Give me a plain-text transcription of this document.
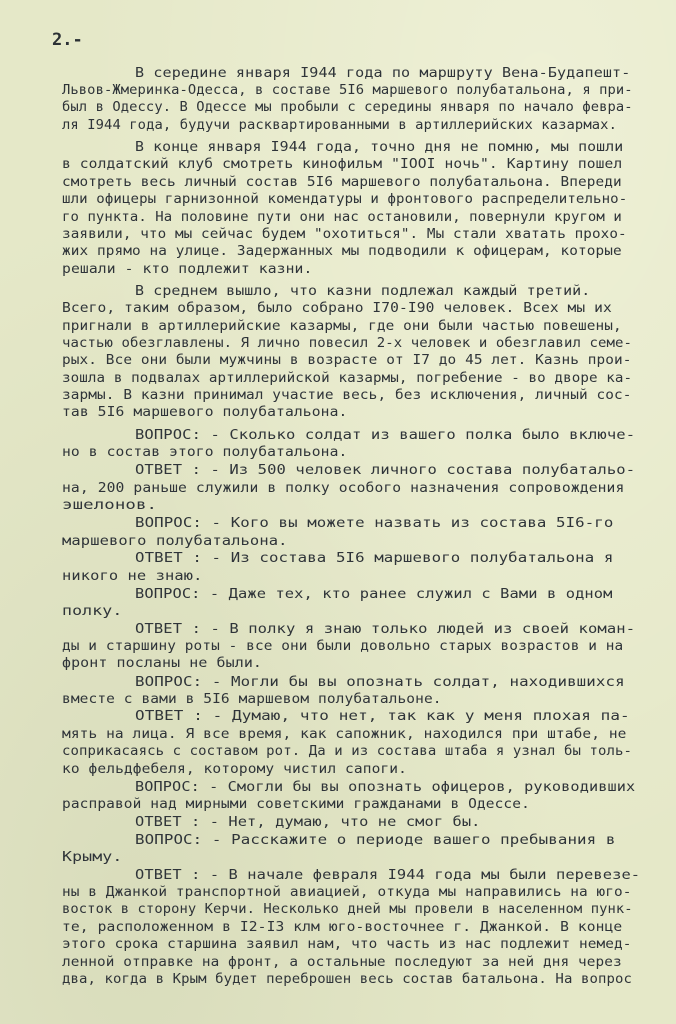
2.-
В середине января I944 года по маршруту Вена-Будапешт-
Львов-Жмеринка-Одесса, в составе 5I6 маршевого полубатальона, я при-
был в Одессу. В Одессе мы пробыли с середины января по начало февра-
ля I944 года, будучи расквартированными в артиллерийских казармах.
В конце января I944 года, точно дня не помню, мы пошли
в солдатский клуб смотреть кинофильм "IOOI ночь". Картину пошел
смотреть весь личный состав 5I6 маршевого полубатальона. Впереди
шли офицеры гарнизонной комендатуры и фронтового распределительно-
го пункта. На половине пути они нас остановили, повернули кругом и
заявили, что мы сейчас будем "охотиться". Мы стали хватать прохо-
жих прямо на улице. Задержанных мы подводили к офицерам, которые
решали - кто подлежит казни.
В среднем вышло, что казни подлежал каждый третий.
Всего, таким образом, было собрано I70-I90 человек. Всех мы их
пригнали в артиллерийские казармы, где они были частью повешены,
частью обезглавлены. Я лично повесил 2-х человек и обезглавил семе-
рых. Все они были мужчины в возрасте от I7 до 45 лет. Казнь прои-
зошла в подвалах артиллерийской казармы, погребение - во дворе ка-
зармы. В казни принимал участие весь, без исключения, личный сос-
тав 5I6 маршевого полубатальона.
ВОПРОС: - Сколько солдат из вашего полка было включе-
но в состав этого полубатальона.
ОТВЕТ : - Из 500 человек личного состава полубатальо-
на, 200 раньше служили в полку особого назначения сопровождения
эшелонов.
ВОПРОС: - Кого вы можете назвать из состава 5I6-го
маршевого полубатальона.
ОТВЕТ : - Из состава 5I6 маршевого полубатальона я
никого не знаю.
ВОПРОС: - Даже тех, кто ранее служил с Вами в одном
полку.
ОТВЕТ : - В полку я знаю только людей из своей коман-
ды и старшину роты - все они были довольно старых возрастов и на
фронт посланы не были.
ВОПРОС: - Могли бы вы опознать солдат, находившихся
вместе с вами в 5I6 маршевом полубатальоне.
ОТВЕТ : - Думаю, что нет, так как у меня плохая па-
мять на лица. Я все время, как сапожник, находился при штабе, не
соприкасаясь с составом рот. Да и из состава штаба я узнал бы толь-
ко фельдфебеля, которому чистил сапоги.
ВОПРОС: - Смогли бы вы опознать офицеров, руководивших
расправой над мирными советскими гражданами в Одессе.
ОТВЕТ : - Нет, думаю, что не смог бы.
ВОПРОС: - Расскажите о периоде вашего пребывания в
Крыму.
ОТВЕТ : - В начале февраля I944 года мы были перевезе-
ны в Джанкой транспортной авиацией, откуда мы направились на юго-
восток в сторону Керчи. Несколько дней мы провели в населенном пунк-
те, расположенном в I2-I3 клм юго-восточнее г. Джанкой. В конце
этого срока старшина заявил нам, что часть из нас подлежит немед-
ленной отправке на фронт, а остальные последуют за ней дня через
два, когда в Крым будет переброшен весь состав батальона. На вопрос
